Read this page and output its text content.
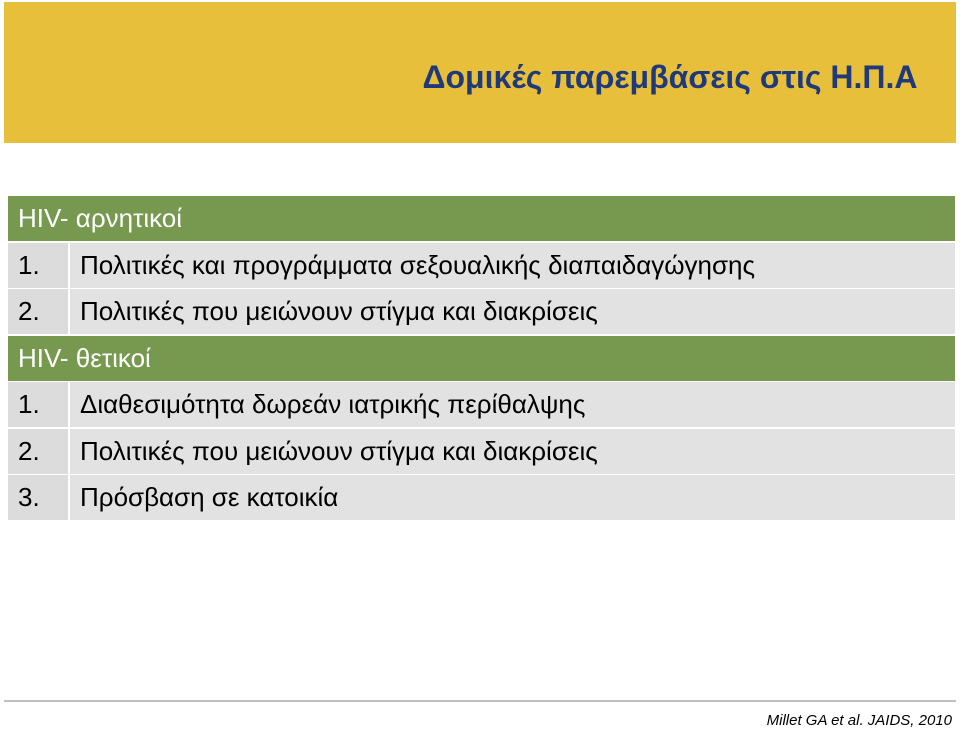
Δομικές παρεμβάσεις στις Η.Π.Α
HIV- αρνητικοί
1.	Πολιτικές και προγράμματα σεξουαλικής διαπαιδαγώγησης
2.	Πολιτικές που μειώνουν στίγμα και διακρίσεις
HIV- θετικοί
1.	Διαθεσιμότητα δωρεάν ιατρικής περίθαλψης
2.	Πολιτικές που μειώνουν στίγμα και διακρίσεις
3.	Πρόσβαση σε κατοικία
Millet GA et al. JAIDS, 2010
